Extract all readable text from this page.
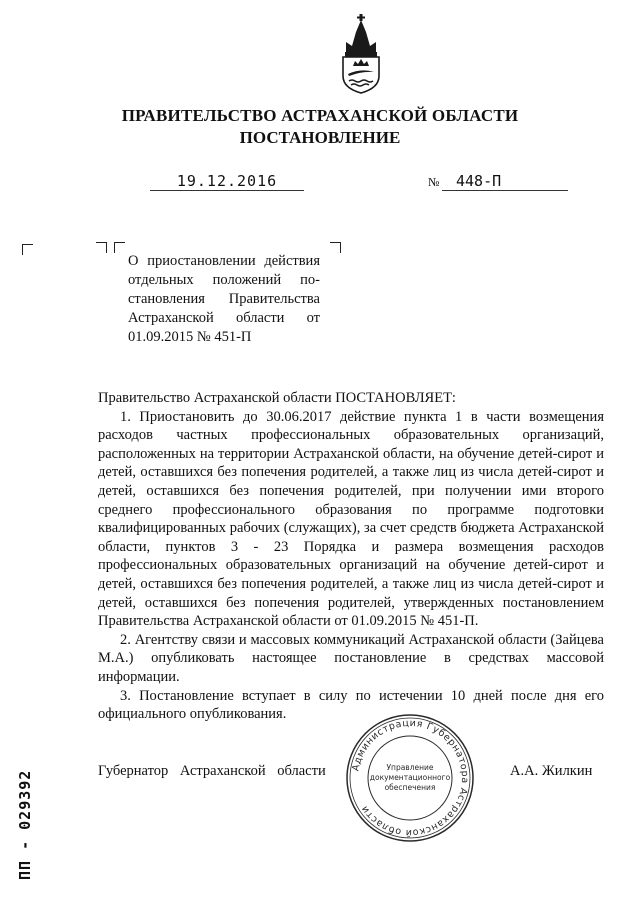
ПРАВИТЕЛЬСТВО АСТРАХАНСКОЙ ОБЛАСТИ
ПОСТАНОВЛЕНИЕ
19.12.2016	№	448-П
О приостановлении действия
отдельных положений по-
становления Правительства
Астраханской области от
01.09.2015 № 451-П

Правительство Астраханской области ПОСТАНОВЛЯЕТ:

1. Приостановить до 30.06.2017 действие пункта 1 в части возмещения расходов частных профессиональных образовательных организаций, расположенных на территории Астраханской области, на обучение детей-сирот и детей, оставшихся без попечения родителей, а также лиц из числа детей-сирот и детей, оставшихся без попечения родителей, при получении ими второго среднего профессионального образования по программе подготовки квалифицированных рабочих (служащих), за счет средств бюджета Астраханской области, пунктов 3 - 23 Порядка и размера возмещения расходов профессиональных образовательных организаций на обучение детей-сирот и детей, оставшихся без попечения родителей, а также лиц из числа детей-сирот и детей, оставшихся без попечения родителей, утвержденных постановлением Правительства Астраханской области от 01.09.2015 № 451-П.

2. Агентству связи и массовых коммуникаций Астраханской области (Зайцева М.А.) опубликовать настоящее постановление в средствах массовой информации.

3. Постановление вступает в силу по истечении 10 дней после дня его официального опубликования.

Губернатор Астраханской области	А.А. Жилкин
Администрация Губернатора Астраханской области
Управление
документационного
обеспечения
ПП - 029392
